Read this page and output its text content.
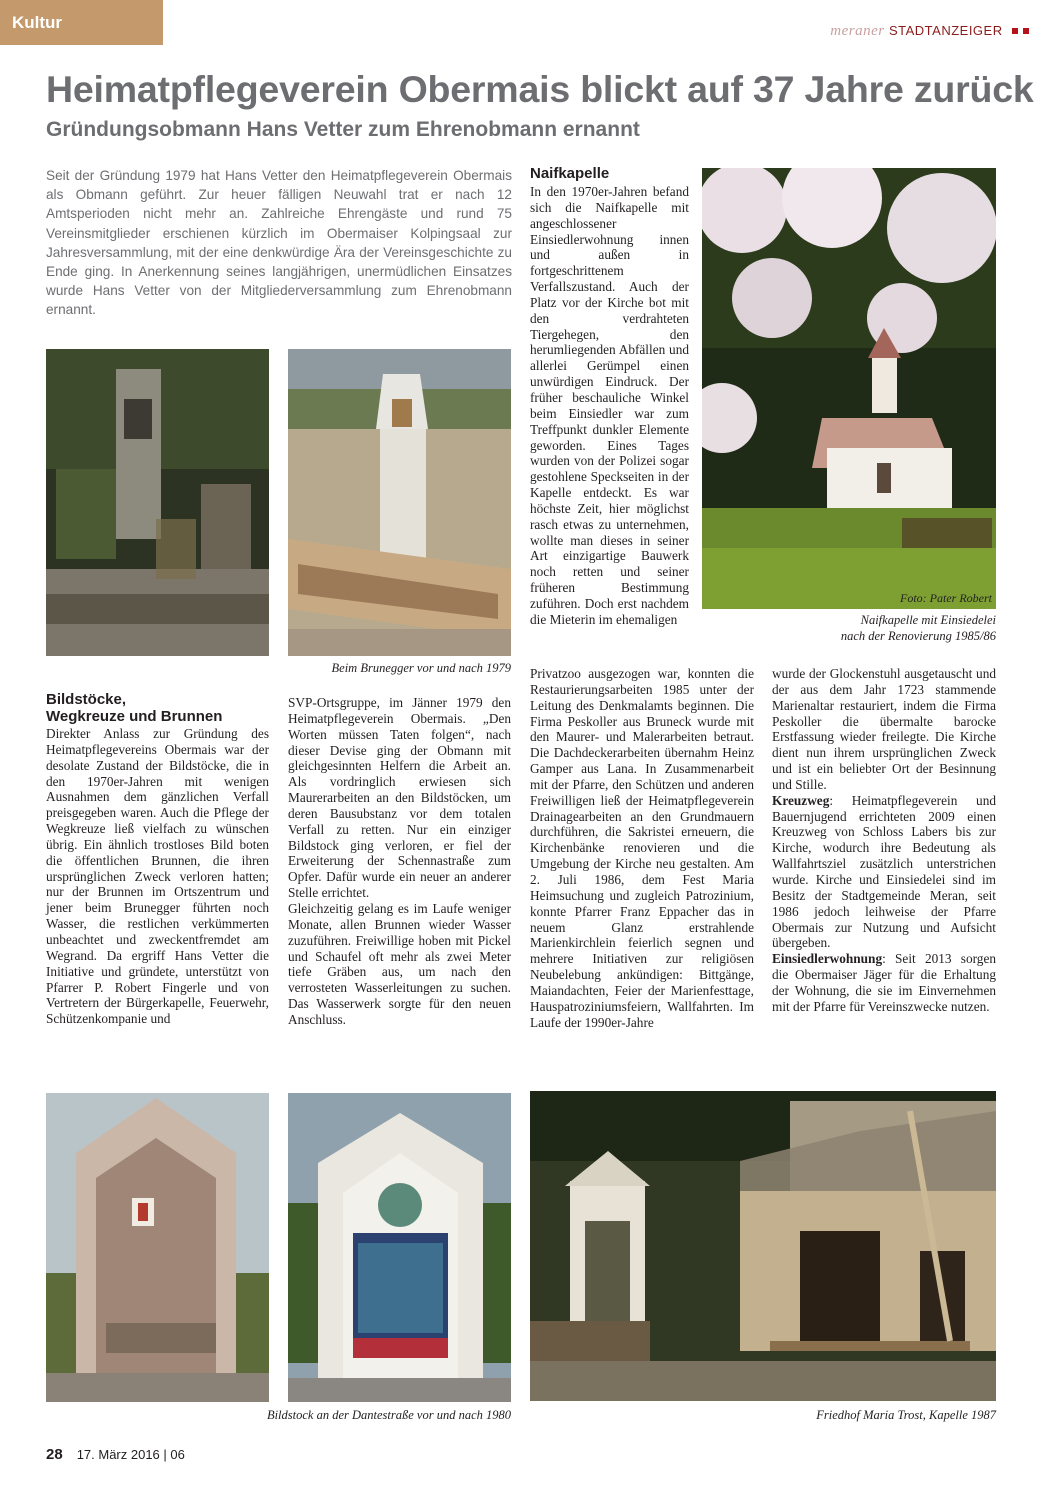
Kultur	meraner STADTANZEIGER
Heimatpflegeverein Obermais blickt auf 37 Jahre zurück
Gründungsobmann Hans Vetter zum Ehrenobmann ernannt
Seit der Gründung 1979 hat Hans Vetter den Heimatpflegeverein Obermais als Obmann geführt. Zur heuer fälligen Neuwahl trat er nach 12 Amtsperioden nicht mehr an. Zahlreiche Ehrengäste und rund 75 Vereinsmitglieder erschienen kürzlich im Obermaiser Kolpingsaal zur Jahresversammlung, mit der eine denkwürdige Ära der Vereinsgeschichte zu Ende ging. In Anerkennung seines langjährigen, unermüdlichen Einsatzes wurde Hans Vetter von der Mitgliederversammlung zum Ehrenobmann ernannt.
Beim Brunegger vor und nach 1979
Bildstöcke,
Wegkreuze und Brunnen

Direkter Anlass zur Gründung des Heimatpflegevereins Obermais war der desolate Zustand der Bildstöcke, die in den 1970er-Jahren mit wenigen Ausnahmen dem gänzlichen Verfall preisgegeben waren. Auch die Pflege der Wegkreuze ließ vielfach zu wünschen übrig. Ein ähnlich trostloses Bild boten die öffentlichen Brunnen, die ihren ursprünglichen Zweck verloren hatten; nur der Brunnen im Ortszentrum und jener beim Brunegger führten noch Wasser, die restlichen verkümmerten unbeachtet und zweckentfremdet am Wegrand. Da ergriff Hans Vetter die Initiative und gründete, unterstützt von Pfarrer P. Robert Fingerle und von Vertretern der Bürgerkapelle, Feuerwehr, Schützenkompanie und

SVP-Ortsgruppe, im Jänner 1979 den Heimatpflegeverein Obermais. „Den Worten müssen Taten folgen“, nach dieser Devise ging der Obmann mit gleichgesinnten Helfern die Arbeit an. Als vordringlich erwiesen sich Maurerarbeiten an den Bildstöcken, um deren Bausubstanz vor dem totalen Verfall zu retten. Nur ein einziger Bildstock ging verloren, er fiel der Erweiterung der Schennastraße zum Opfer. Dafür wurde ein neuer an anderer Stelle errichtet.

Gleichzeitig gelang es im Laufe weniger Monate, allen Brunnen wieder Wasser zuzuführen. Freiwillige hoben mit Pickel und Schaufel oft mehr als zwei Meter tiefe Gräben aus, um nach den verrosteten Wasserleitungen zu suchen. Das Wasserwerk sorgte für den neuen Anschluss.

Naifkapelle

In den 1970er-Jahren befand sich die Naifkapelle mit angeschlossener Einsiedlerwohnung innen und außen in fortgeschrittenem Verfallszustand. Auch der Platz vor der Kirche bot mit den verdrahteten Tiergehegen, den herumliegenden Abfällen und allerlei Gerümpel einen unwürdigen Eindruck. Der früher beschauliche Winkel beim Einsiedler war zum Treffpunkt dunkler Elemente geworden. Eines Tages wurden von der Polizei sogar gestohlene Speckseiten in der Kapelle entdeckt. Es war höchste Zeit, hier möglichst rasch etwas zu unternehmen, wollte man dieses in seiner Art einzigartige Bauwerk noch retten und seiner früheren Bestimmung zuführen. Doch erst nachdem die Mieterin im ehemaligen

Foto: Pater Robert
Naifkapelle mit Einsiedelei
nach der Renovierung 1985/86

Privatzoo ausgezogen war, konnten die Restaurierungsarbeiten 1985 unter der Leitung des Denkmalamts beginnen. Die Firma Peskoller aus Bruneck wurde mit den Maurer- und Malerarbeiten betraut. Die Dachdeckerarbeiten übernahm Heinz Gamper aus Lana. In Zusammenarbeit mit der Pfarre, den Schützen und anderen Freiwilligen ließ der Heimatpflegeverein Drainagearbeiten an den Grundmauern durchführen, die Sakristei erneuern, die Kirchenbänke renovieren und die Umgebung der Kirche neu gestalten. Am 2. Juli 1986, dem Fest Maria Heimsuchung und zugleich Patrozinium, konnte Pfarrer Franz Eppacher das in neuem Glanz erstrahlende Marienkirchlein feierlich segnen und mehrere Initiativen zur religiösen Neubelebung ankündigen: Bittgänge, Maiandachten, Feier der Marienfesttage, Hauspatroziniumsfeiern, Wallfahrten. Im Laufe der 1990er-Jahre

wurde der Glockenstuhl ausgetauscht und der aus dem Jahr 1723 stammende Marienaltar restauriert, indem die Firma Peskoller die übermalte barocke Erstfassung wieder freilegte. Die Kirche dient nun ihrem ursprünglichen Zweck und ist ein beliebter Ort der Besinnung und Stille.

Kreuzweg: Heimatpflegeverein und Bauernjugend errichteten 2009 einen Kreuzweg von Schloss Labers bis zur Kirche, wodurch ihre Bedeutung als Wallfahrtsziel zusätzlich unterstrichen wurde. Kirche und Einsiedelei sind im Besitz der Stadtgemeinde Meran, seit 1986 jedoch leihweise der Pfarre Obermais zur Nutzung und Aufsicht übergeben.

Einsiedlerwohnung: Seit 2013 sorgen die Obermaiser Jäger für die Erhaltung der Wohnung, die sie im Einvernehmen mit der Pfarre für Vereinszwecke nutzen.

Bildstock an der Dantestraße vor und nach 1980	Friedhof Maria Trost, Kapelle 1987
28 17. März 2016 | 06
